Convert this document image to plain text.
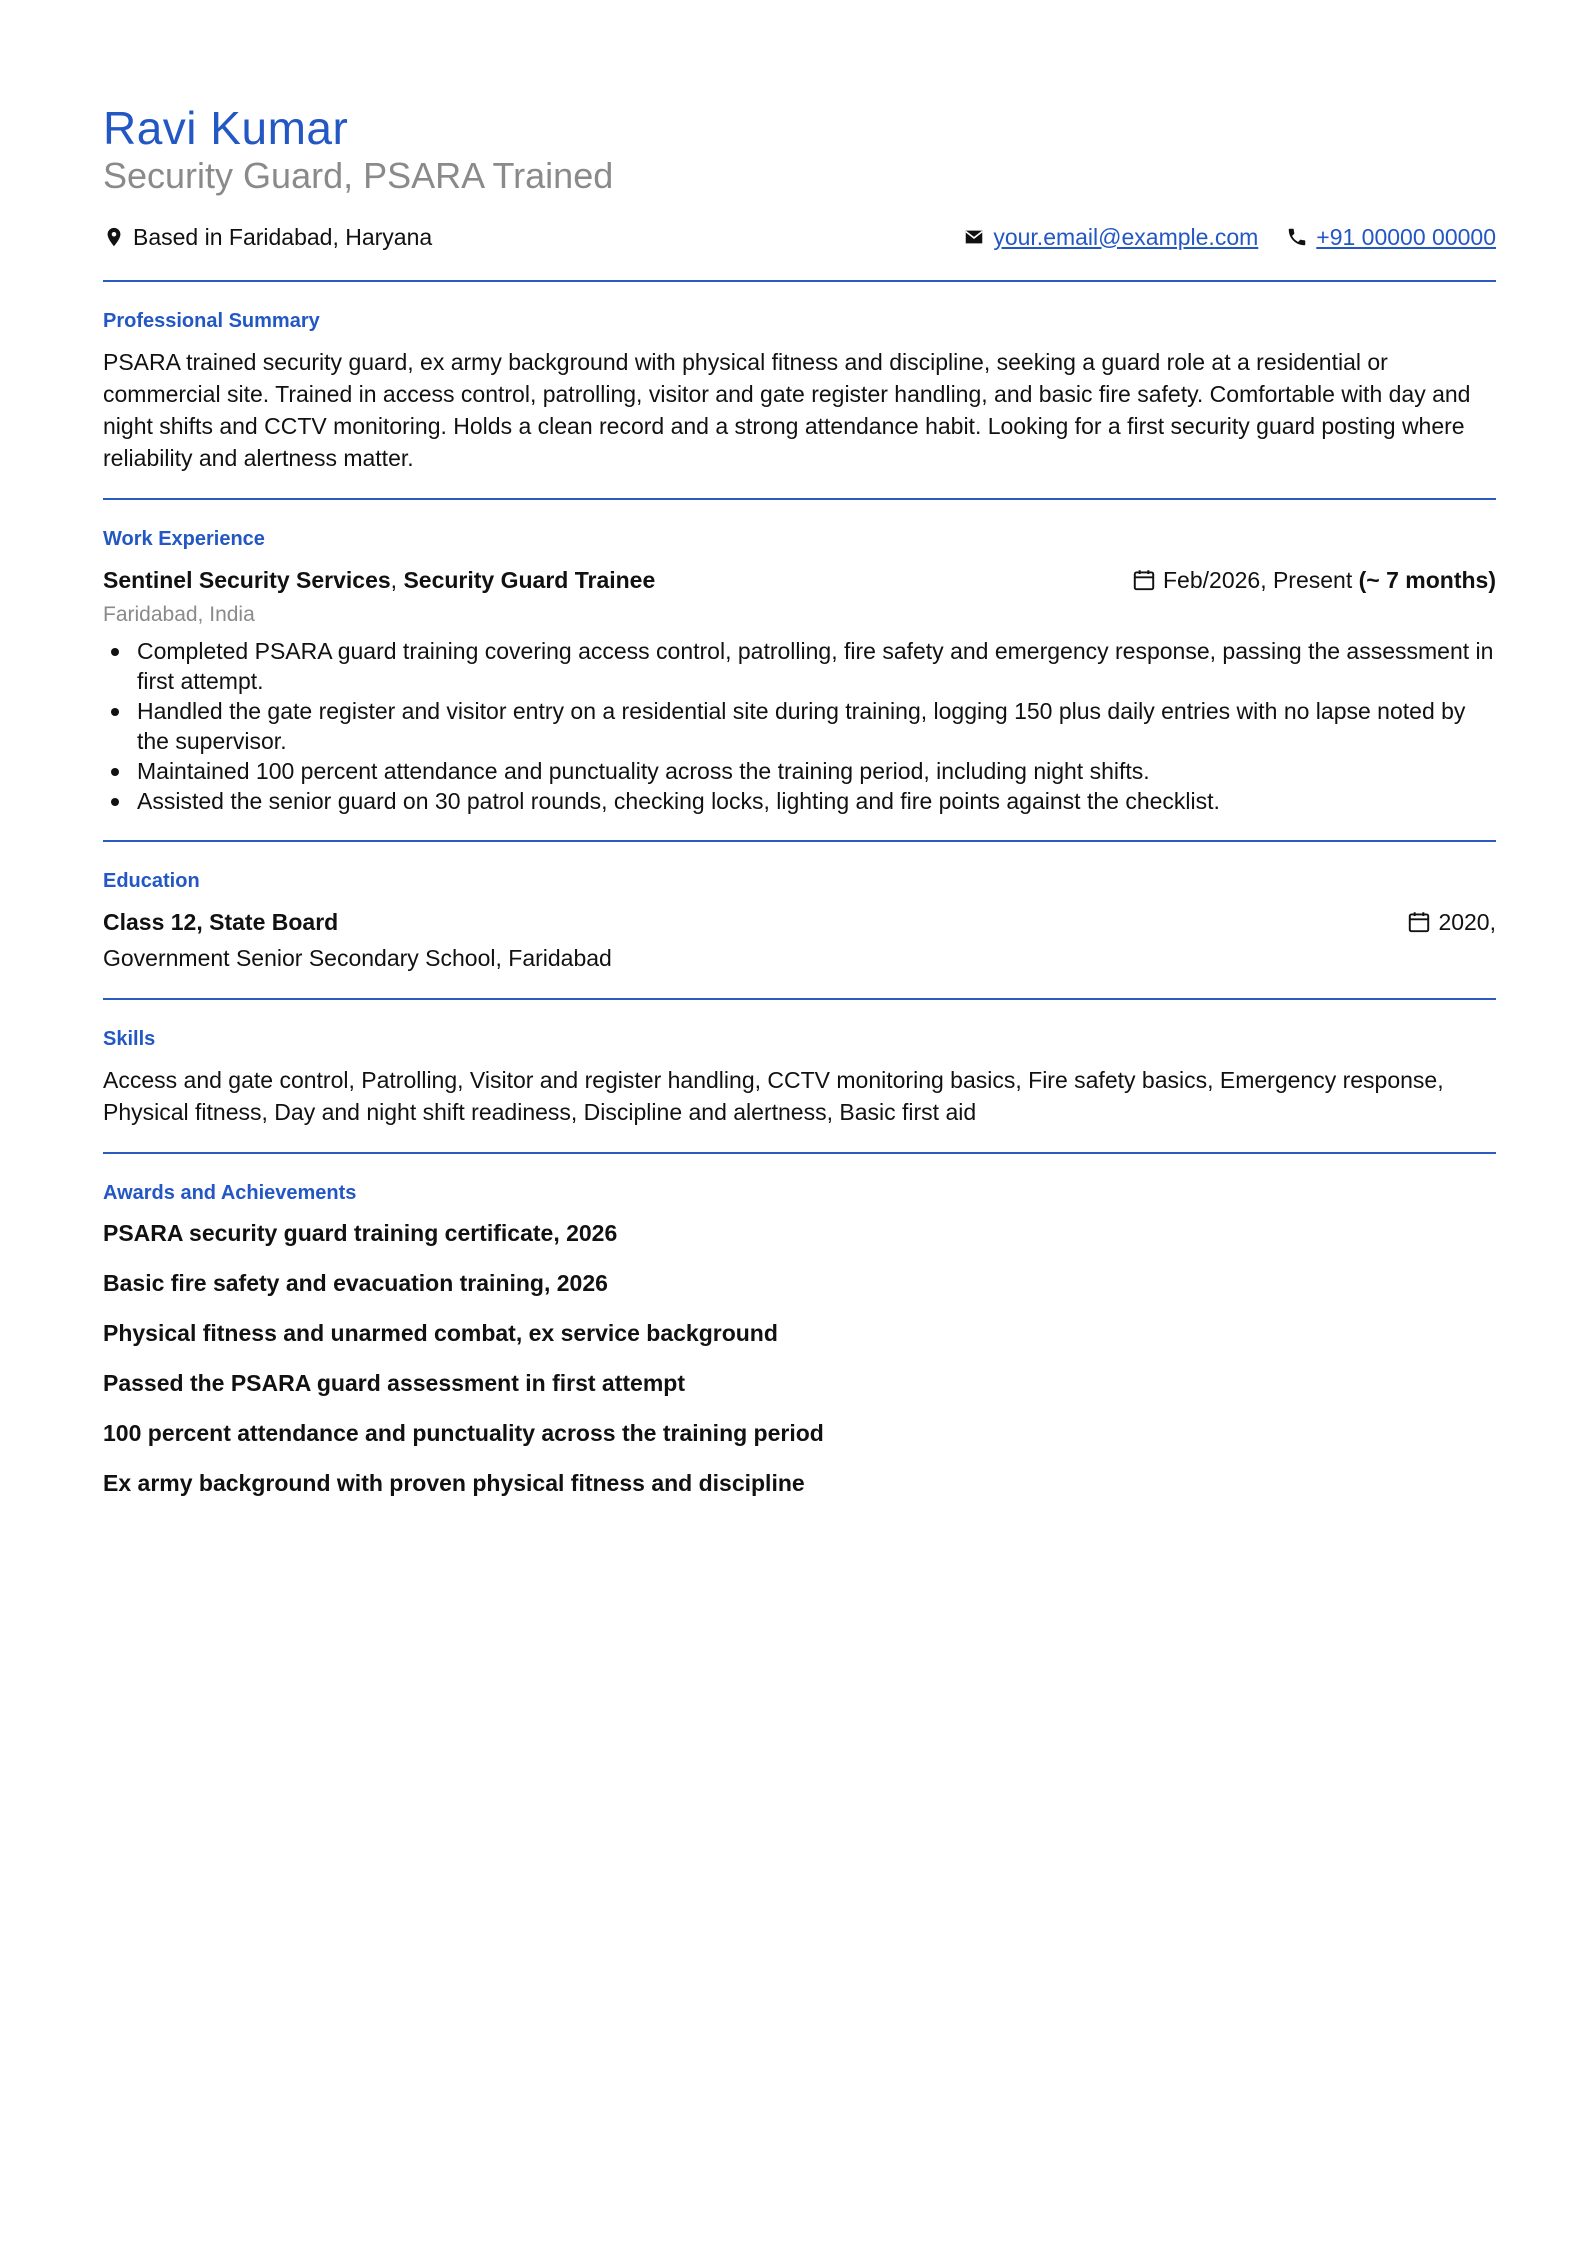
Ravi Kumar
Security Guard, PSARA Trained
Based in Faridabad, Haryana	your.email@example.com	+91 00000 00000
Professional Summary
PSARA trained security guard, ex army background with physical fitness and discipline, seeking a guard role at a residential or commercial site. Trained in access control, patrolling, visitor and gate register handling, and basic fire safety. Comfortable with day and night shifts and CCTV monitoring. Holds a clean record and a strong attendance habit. Looking for a first security guard posting where reliability and alertness matter.
Work Experience
Sentinel Security Services, Security Guard Trainee	Feb/2026, Present
(~ 7 months)
Faridabad, India
Completed PSARA guard training covering access control, patrolling, fire safety and emergency response, passing the assessment in first attempt.
Handled the gate register and visitor entry on a residential site during training, logging 150 plus daily entries with no lapse noted by the supervisor.
Maintained 100 percent attendance and punctuality across the training period, including night shifts.
Assisted the senior guard on 30 patrol rounds, checking locks, lighting and fire points against the checklist.
Education
Class 12, State Board	2020,
Government Senior Secondary School, Faridabad
Skills
Access and gate control, Patrolling, Visitor and register handling, CCTV monitoring basics, Fire safety basics, Emergency response, Physical fitness, Day and night shift readiness, Discipline and alertness, Basic first aid
Awards and Achievements
PSARA security guard training certificate, 2026
Basic fire safety and evacuation training, 2026
Physical fitness and unarmed combat, ex service background
Passed the PSARA guard assessment in first attempt
100 percent attendance and punctuality across the training period
Ex army background with proven physical fitness and discipline
